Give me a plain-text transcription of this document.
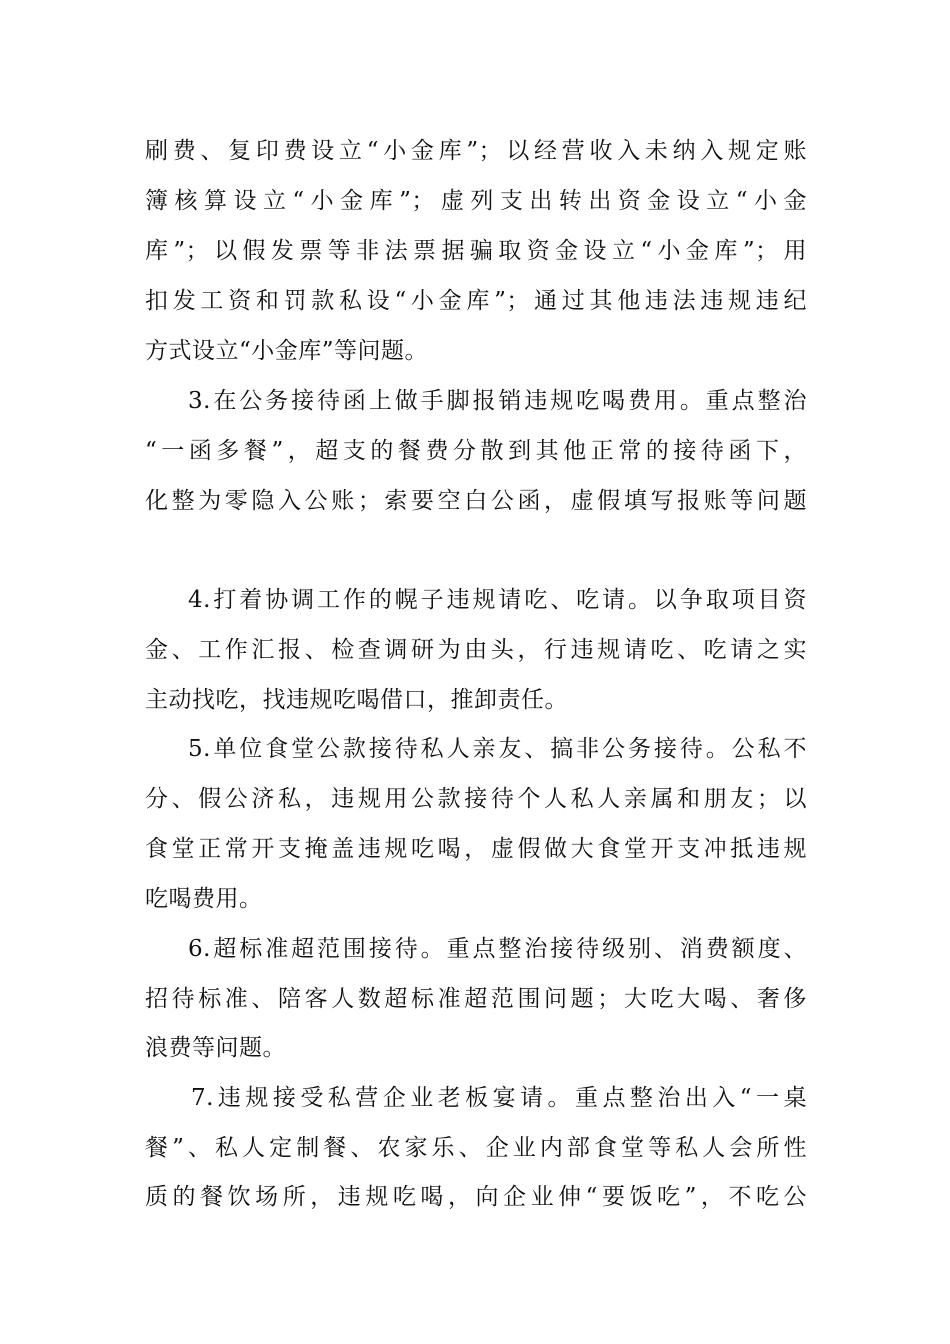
刷费、复印费设立“小金库”；以经营收入未纳入规定账
簿核算设立“小金库”；虚列支出转出资金设立“小金
库”；以假发票等非法票据骗取资金设立“小金库”；用
扣发工资和罚款私设“小金库”；通过其他违法违规违纪
方式设立“小金库”等问题。
3.在公务接待函上做手脚报销违规吃喝费用。重点整治
“一函多餐”，超支的餐费分散到其他正常的接待函下，
化整为零隐入公账；索要空白公函，虚假填写报账等问题
4.打着协调工作的幌子违规请吃、吃请。以争取项目资
金、工作汇报、检查调研为由头，行违规请吃、吃请之实
主动找吃，找违规吃喝借口，推卸责任。
5.单位食堂公款接待私人亲友、搞非公务接待。公私不
分、假公济私，违规用公款接待个人私人亲属和朋友；以
食堂正常开支掩盖违规吃喝，虚假做大食堂开支冲抵违规
吃喝费用。
6.超标准超范围接待。重点整治接待级别、消费额度、
招待标准、陪客人数超标准超范围问题；大吃大喝、奢侈
浪费等问题。
7.违规接受私营企业老板宴请。重点整治出入“一桌
餐”、私人定制餐、农家乐、企业内部食堂等私人会所性
质的餐饮场所，违规吃喝，向企业伸“要饭吃”，不吃公
